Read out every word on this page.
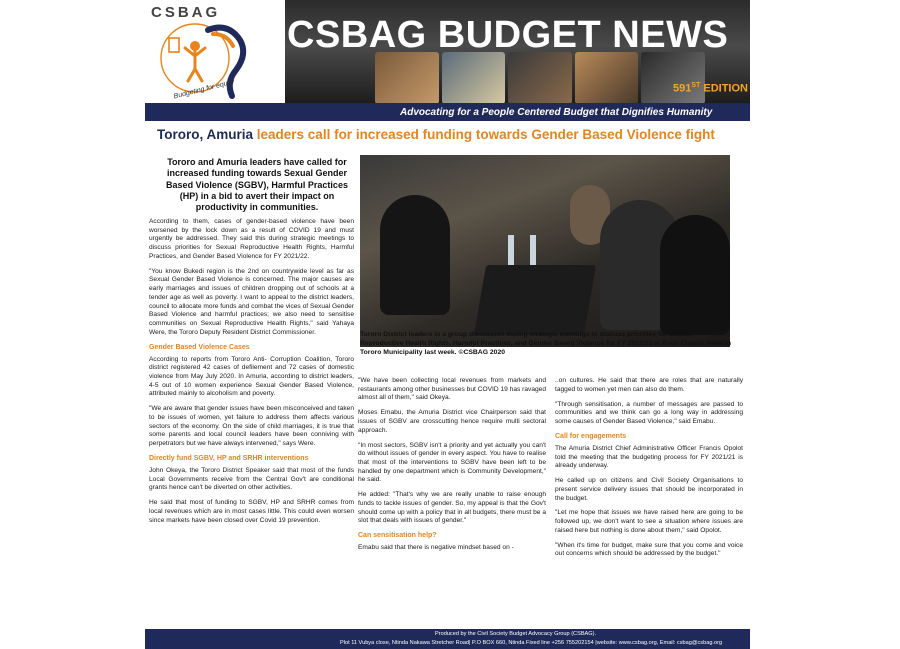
CSBAG
Budgeting for equity
CSBAG BUDGET NEWS
591ST EDITION
Advocating for a People Centered Budget that Dignifies Humanity
Tororo, Amuria leaders call for increased funding towards Gender Based Violence fight
Tororo and Amuria leaders have called for increased funding towards Sexual Gender Based Violence (SGBV), Harmful Practices (HP) in a bid to avert their impact on productivity in communities.
Tororo District leaders in a group discussion during strategic meetings to discuss priorities for Sexual Reproductive Health Rights, Harmful Practices, and Gender Based Violence for FY 2021/22 at Rock Classic Hotel in Tororo Municipality last week. ©CSBAG 2020

According to them, cases of gender-based violence have been worsened by the lock down as a result of COVID 19 and must urgently be addressed. They said this during strategic meetings to discuss priorities for Sexual Reproductive Health Rights, Harmful Practices, and Gender Based Violence for FY 2021/22.

"You know Bukedi region is the 2nd on countrywide level as far as Sexual Gender Based Violence is concerned. The major causes are early marriages and issues of children dropping out of schools at a tender age as well as poverty. I want to appeal to the district leaders, council to allocate more funds and combat the vices of Sexual Gender Based Violence and harmful practices; we also need to sensitise communities on Sexual Reproductive Health Rights," said Yahaya Were, the Tororo Deputy Resident District Commissioner.

Gender Based Violence Cases

According to reports from Tororo Anti- Corruption Coalition, Tororo district registered 42 cases of defilement and 72 cases of domestic violence from May July 2020. In Amuria, according to district leaders, 4-5 out of 10 women experience Sexual Gender Based Violence, attributed mainly to alcoholism and poverty.

"We are aware that gender issues have been misconceived and taken to be issues of women, yet failure to address them affects various sectors of the economy. On the side of child marriages, it is true that some parents and local council leaders have been conniving with perpetrators but we have always intervened," says Were.

Directly fund SGBV, HP and SRHR interventions

John Okeya, the Tororo District Speaker said that most of the funds Local Governments receive from the Central Gov't are conditional grants hence can't be diverted on other activities.

He said that most of funding to SGBV, HP and SRHR comes from local revenues which are in most cases little. This could even worsen since markets have been closed over Covid 19 prevention.

"We have been collecting local revenues from markets and restaurants among other businesses but COVID 19 has ravaged almost all of them," said Okeya.

Moses Emabu, the Amuria District vice Chairperson said that issues of SGBV are crosscutting hence require multi sectoral approach.

"In most sectors, SGBV isn't a priority and yet actually you can't do without issues of gender in every aspect. You have to realise that most of the interventions to SGBV have been left to be handled by one department which is Community Development," he said.

He added: "That's why we are really unable to raise enough funds to tackle issues of gender. So, my appeal is that the Gov't should come up with a policy that in all budgets, there must be a slot that deals with issues of gender."

Can sensitisation help?

Emabu said that there is negative mindset based on -

..on cultures. He said that there are roles that are naturally tagged to women yet men can also do them.

"Through sensitisation, a number of messages are passed to communities and we think can go a long way in addressing some causes of Gender Based Violence," said Emabu.

Call for engagements

The Amuria District Chief Administrative Officer Francis Opolot told the meeting that the budgeting process for FY 2021/21 is already underway.

He called up on citizens and Civil Society Organisations to present service delivery issues that should be incorporated in the budget.

"Let me hope that issues we have raised here are going to be followed up, we don't want to see a situation where issues are raised here but nothing is done about them," said Opolot.

"When it's time for budget, make sure that you come and voice out concerns which should be addressed by the budget."

Produced by the Civil Society Budget Advocacy Group (CSBAG).
Plot 11 Vubya close, Ntinda Nakawa Stretcher Road| P.O BOX 660, Ntinda Fixed line +256 755202154 |website: www.csbag.org, Email: csbag@csbag.org
